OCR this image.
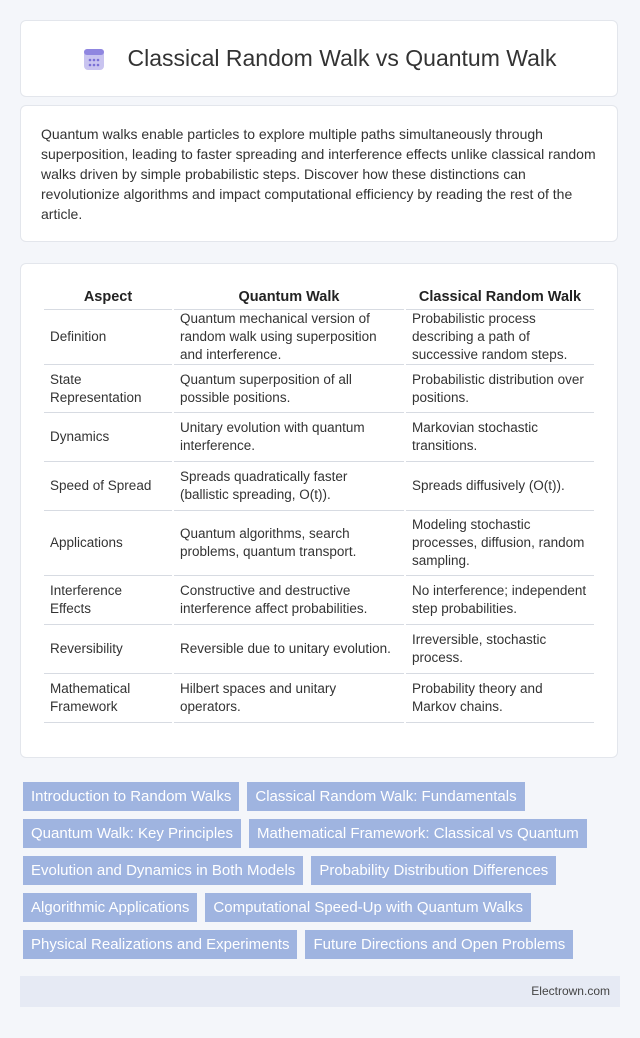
Classical Random Walk vs Quantum Walk

Quantum walks enable particles to explore multiple paths simultaneously through superposition, leading to faster spreading and interference effects unlike classical random walks driven by simple probabilistic steps. Discover how these distinctions can revolutionize algorithms and impact computational efficiency by reading the rest of the article.

Aspect	Quantum Walk	Classical Random Walk
Definition	Quantum mechanical version of random walk using superposition and interference.	Probabilistic process describing a path of successive random steps.
State Representation	Quantum superposition of all possible positions.	Probabilistic distribution over positions.
Dynamics	Unitary evolution with quantum interference.	Markovian stochastic transitions.
Speed of Spread	Spreads quadratically faster (ballistic spreading, O(t)).	Spreads diffusively (O(t)).
Applications	Quantum algorithms, search problems, quantum transport.	Modeling stochastic processes, diffusion, random sampling.
Interference Effects	Constructive and destructive interference affect probabilities.	No interference; independent step probabilities.
Reversibility	Reversible due to unitary evolution.	Irreversible, stochastic process.
Mathematical Framework	Hilbert spaces and unitary operators.	Probability theory and Markov chains.
Introduction to Random Walks	Classical Random Walk: Fundamentals
Quantum Walk: Key Principles	Mathematical Framework: Classical vs Quantum
Evolution and Dynamics in Both Models	Probability Distribution Differences
Algorithmic Applications	Computational Speed-Up with Quantum Walks
Physical Realizations and Experiments	Future Directions and Open Problems
Electrown.com
